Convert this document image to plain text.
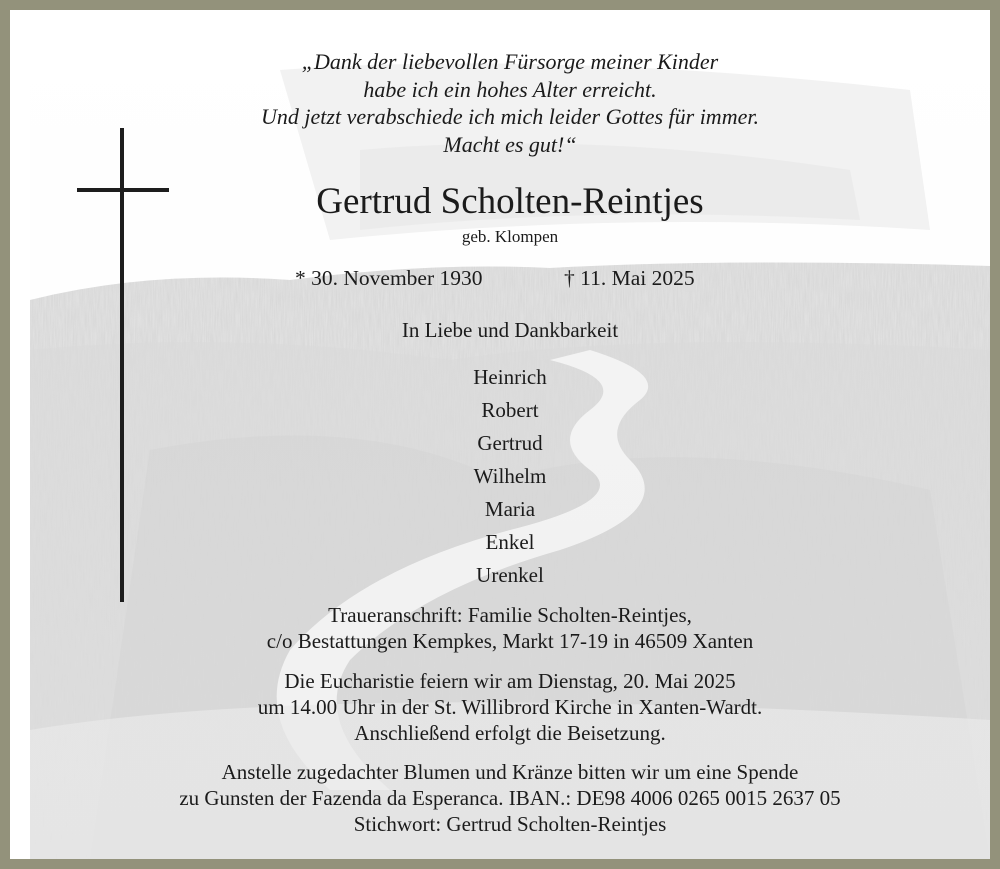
„Dank der liebevollen Fürsorge meiner Kinder
habe ich ein hohes Alter erreicht.
Und jetzt verabschiede ich mich leider Gottes für immer.
Macht es gut!“
Gertrud Scholten-Reintjes
geb. Klompen
* 30. November 1930	† 11. Mai 2025
In Liebe und Dankbarkeit
Heinrich
Robert
Gertrud
Wilhelm
Maria
Enkel
Urenkel
Traueranschrift: Familie Scholten-Reintjes,
c/o Bestattungen Kempkes, Markt 17-19 in 46509 Xanten
Die Eucharistie feiern wir am Dienstag, 20. Mai 2025
um 14.00 Uhr in der St. Willibrord Kirche in Xanten-Wardt.
Anschließend erfolgt die Beisetzung.
Anstelle zugedachter Blumen und Kränze bitten wir um eine Spende
zu Gunsten der Fazenda da Esperanca. IBAN.: DE98 4006 0265 0015 2637 05
Stichwort: Gertrud Scholten-Reintjes
